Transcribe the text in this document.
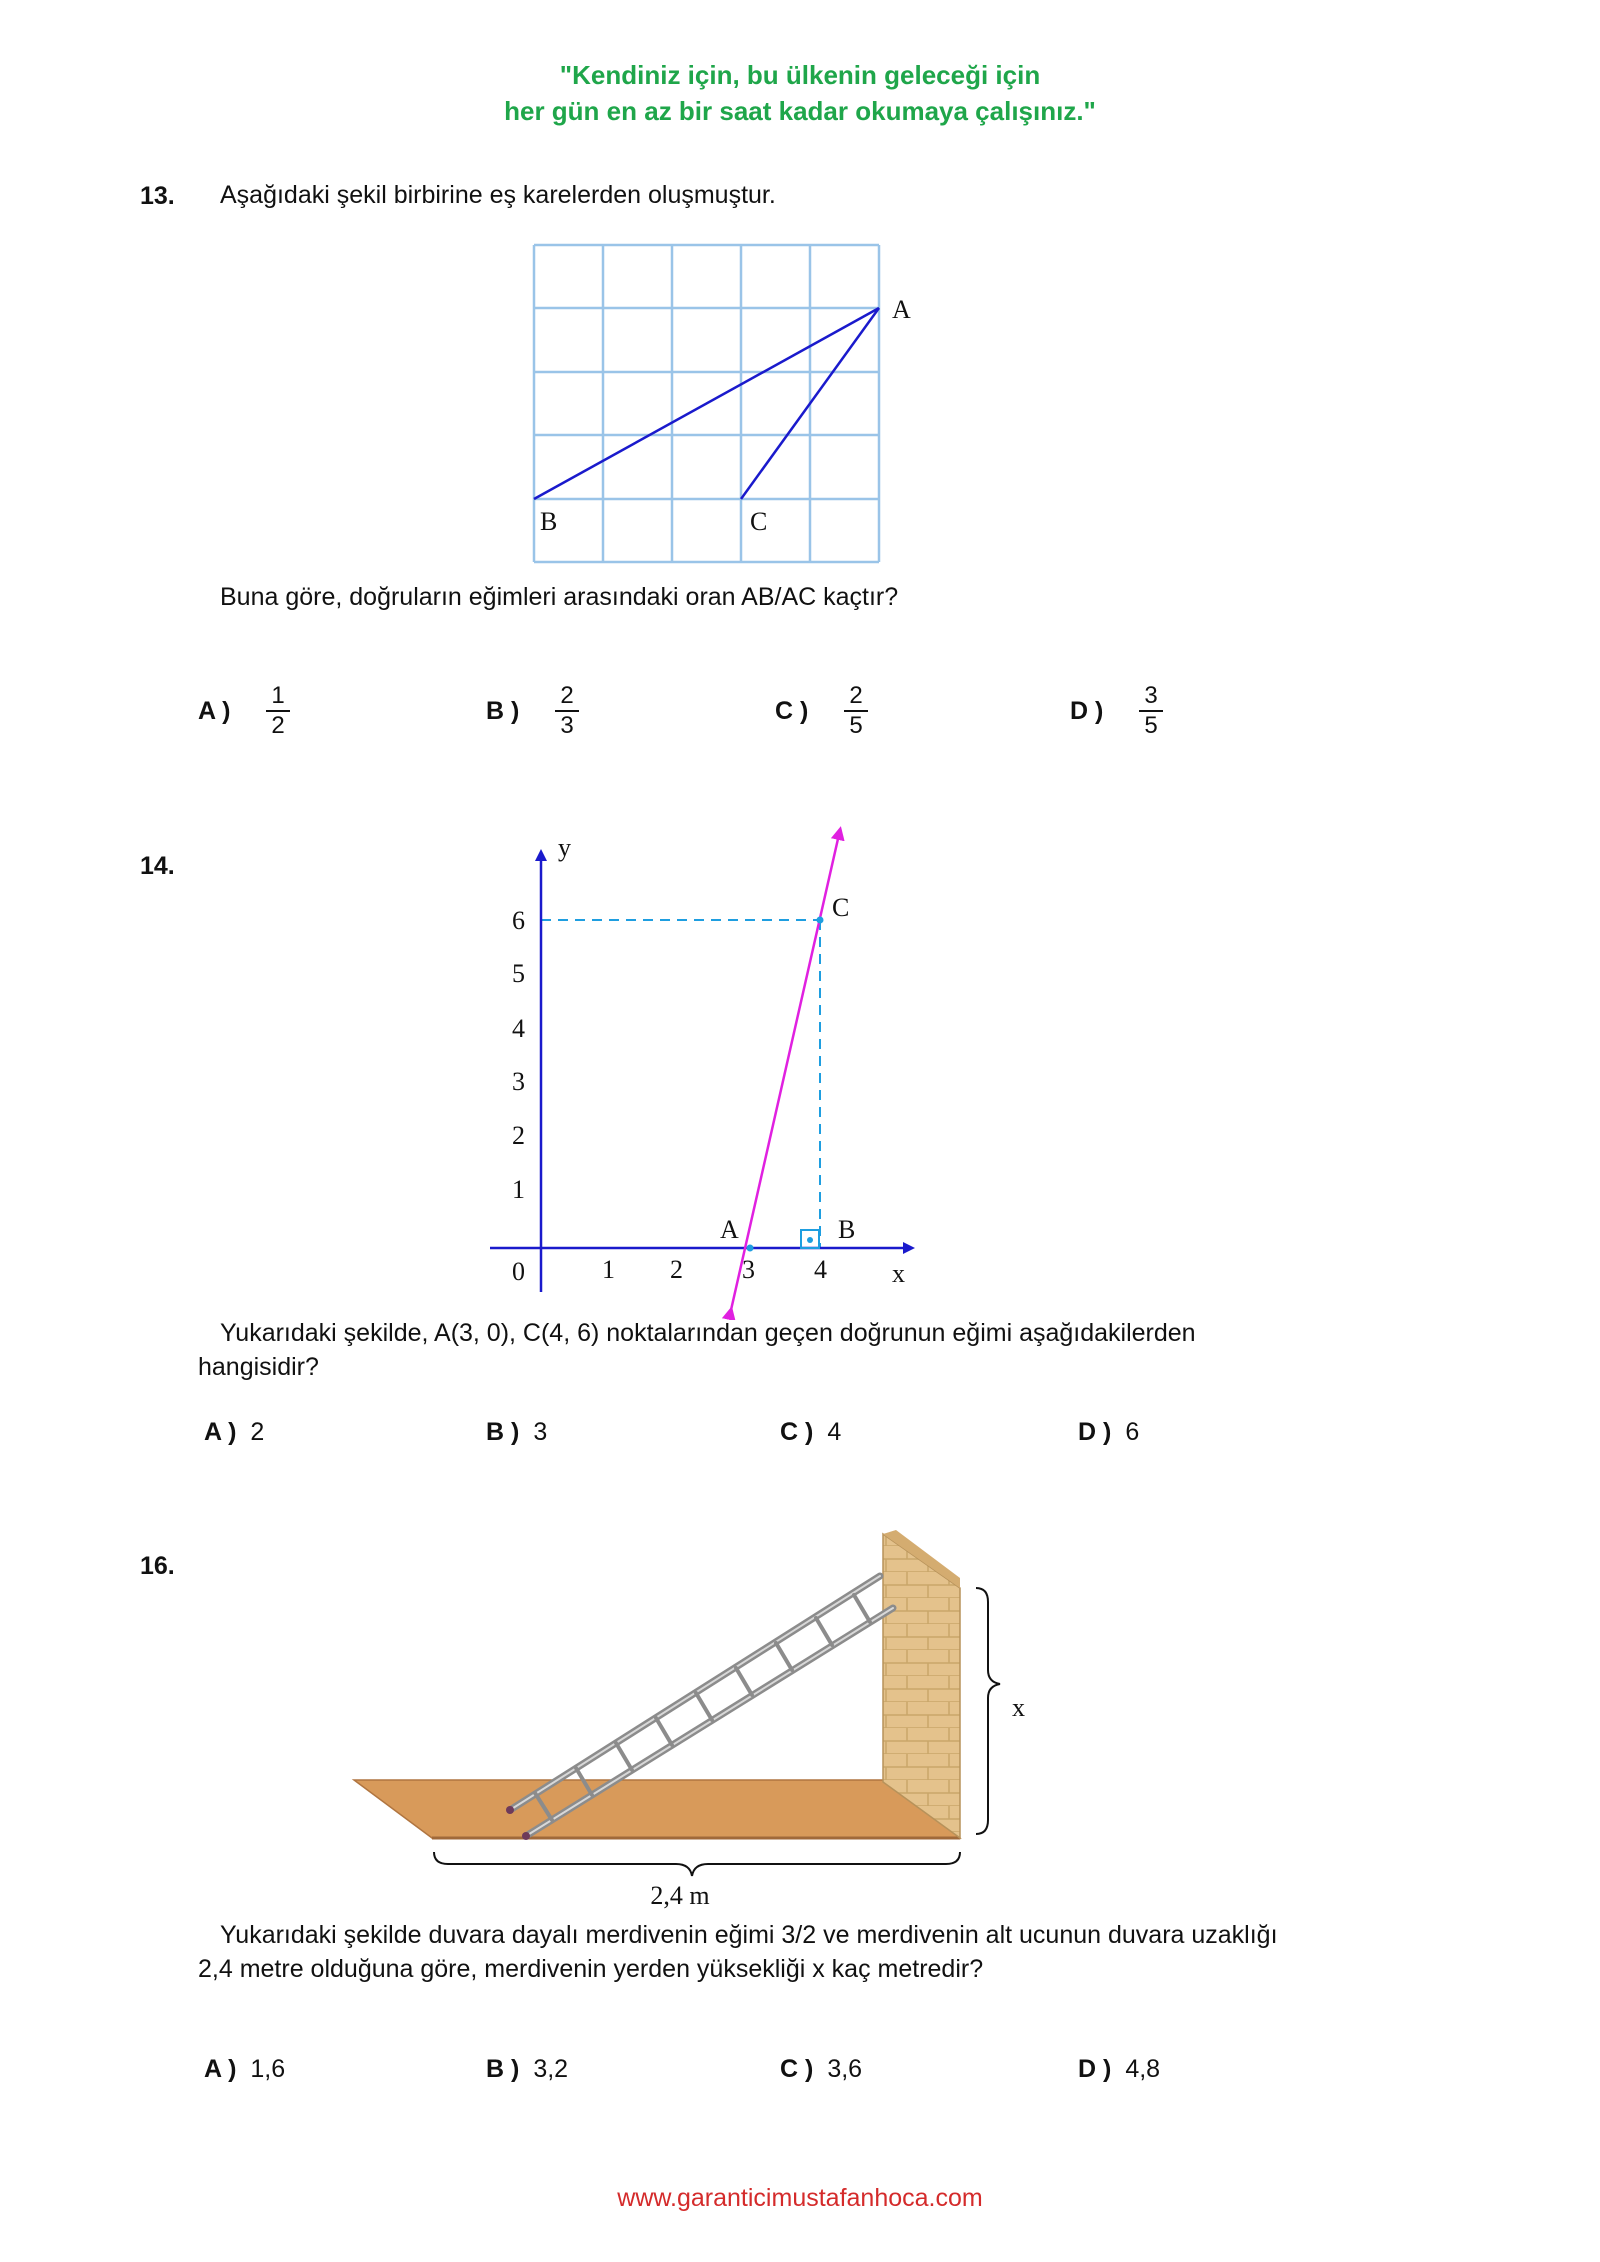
"Kendiniz için, bu ülkenin geleceği için
her gün en az bir saat kadar okumaya çalışınız."
13. Aşağıdaki şekil birbirine eş karelerden oluşmuştur.
A
B	C
Buna göre, doğruların eğimleri arasındaki oran AB/AC kaçtır?
A ) $\frac{1}{2}$	B ) $\frac{2}{3}$	C ) $\frac{2}{5}$	D ) $\frac{3}{5}$
14.
y
x
6
5
4
3
2
1
0	1 2 3 4
A	B
C
Yukarıdaki şekilde, A(3, 0), C(4, 6) noktalarından geçen doğrunun eğimi aşağıdakilerden
hangisidir?
A ) 2	B ) 3	C ) 4	D ) 6
16.
x
2,4 m
Yukarıdaki şekilde duvara dayalı merdivenin eğimi 3/2 ve merdivenin alt ucunun duvara uzaklığı
2,4 metre olduğuna göre, merdivenin yerden yüksekliği x kaç metredir?
A ) 1,6	B ) 3,2	C ) 3,6	D ) 4,8
www.garanticimustafanhoca.com
